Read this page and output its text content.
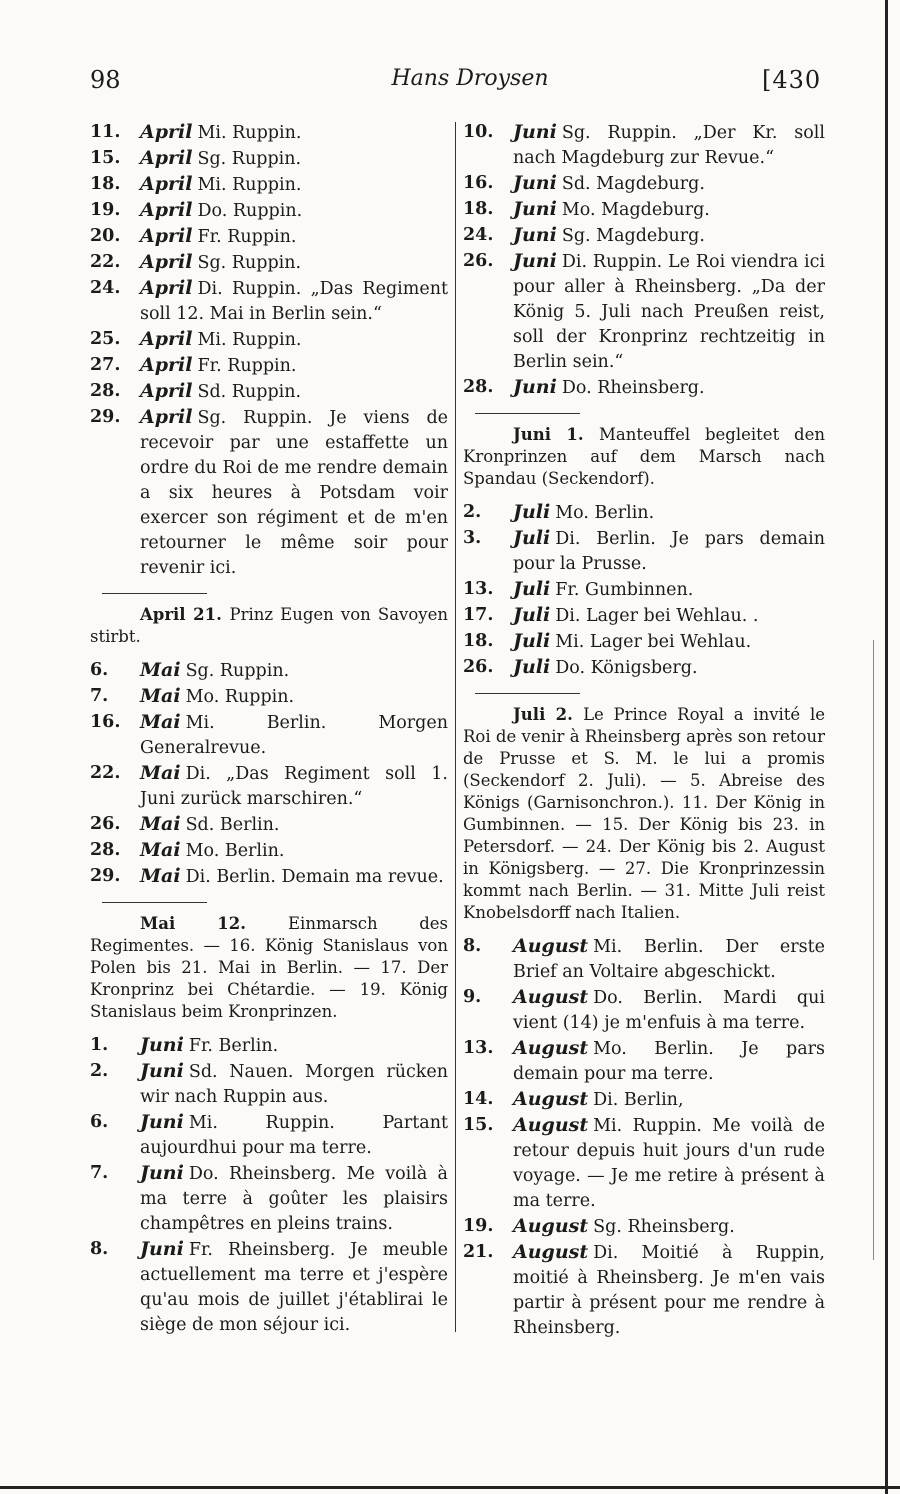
98	Hans Droysen	[430
11.	April Mi. Ruppin.
15.	April Sg. Ruppin.
18.	April Mi. Ruppin.
19.	April Do. Ruppin.
20.	April Fr. Ruppin.
22.	April Sg. Ruppin.
24.	April Di. Ruppin. „Das Regiment soll 12. Mai in Berlin sein.“
25.	April Mi. Ruppin.
27.	April Fr. Ruppin.
28.	April Sd. Ruppin.
29.	April Sg. Ruppin. Je viens de recevoir par une estaffette un ordre du Roi de me rendre demain a six heures à Potsdam voir exercer son régiment et de m'en retourner le même soir pour revenir ici.
April 21. Prinz Eugen von Savoyen stirbt.
6.	Mai Sg. Ruppin.
7.	Mai Mo. Ruppin.
16.	Mai Mi. Berlin. Morgen Generalrevue.
22.	Mai Di. „Das Regiment soll 1. Juni zurück marschiren.“
26.	Mai Sd. Berlin.
28.	Mai Mo. Berlin.
29.	Mai Di. Berlin. Demain ma revue.
Mai 12. Einmarsch des Regimentes. — 16. König Stanislaus von Polen bis 21. Mai in Berlin. — 17. Der Kronprinz bei Chétardie. — 19. König Stanislaus beim Kronprinzen.
1.	Juni Fr. Berlin.
2.	Juni Sd. Nauen. Morgen rücken wir nach Ruppin aus.
6.	Juni Mi. Ruppin. Partant aujourdhui pour ma terre.
7.	Juni Do. Rheinsberg. Me voilà à ma terre à goûter les plaisirs champêtres en pleins trains.
8.	Juni Fr. Rheinsberg. Je meuble actuellement ma terre et j'espère qu'au mois de juillet j'établirai le siège de mon séjour ici.
10.	Juni Sg. Ruppin. „Der Kr. soll nach Magdeburg zur Revue.“
16.	Juni Sd. Magdeburg.
18.	Juni Mo. Magdeburg.
24.	Juni Sg. Magdeburg.
26.	Juni Di. Ruppin. Le Roi viendra ici pour aller à Rheinsberg. „Da der König 5. Juli nach Preußen reist, soll der Kronprinz rechtzeitig in Berlin sein.“
28.	Juni Do. Rheinsberg.
Juni 1. Manteuffel begleitet den Kronprinzen auf dem Marsch nach Spandau (Seckendorf).
2.	Juli Mo. Berlin.
3.	Juli Di. Berlin. Je pars demain pour la Prusse.
13.	Juli Fr. Gumbinnen.
17.	Juli Di. Lager bei Wehlau. .
18.	Juli Mi. Lager bei Wehlau.
26.	Juli Do. Königsberg.
Juli 2. Le Prince Royal a invité le Roi de venir à Rheinsberg après son retour de Prusse et S. M. le lui a promis (Seckendorf 2. Juli). — 5. Abreise des Königs (Garnisonchron.). 11. Der König in Gumbinnen. — 15. Der König bis 23. in Petersdorf. — 24. Der König bis 2. August in Königsberg. — 27. Die Kronprinzessin kommt nach Berlin. — 31. Mitte Juli reist Knobelsdorff nach Italien.
8.	August Mi. Berlin. Der erste Brief an Voltaire abgeschickt.
9.	August Do. Berlin. Mardi qui vient (14) je m'enfuis à ma terre.
13.	August Mo. Berlin. Je pars demain pour ma terre.
14.	August Di. Berlin,
15.	August Mi. Ruppin. Me voilà de retour depuis huit jours d'un rude voyage. — Je me retire à présent à ma terre.
19.	August Sg. Rheinsberg.
21.	August Di. Moitié à Ruppin, moitié à Rheinsberg. Je m'en vais partir à présent pour me rendre à Rheinsberg.
